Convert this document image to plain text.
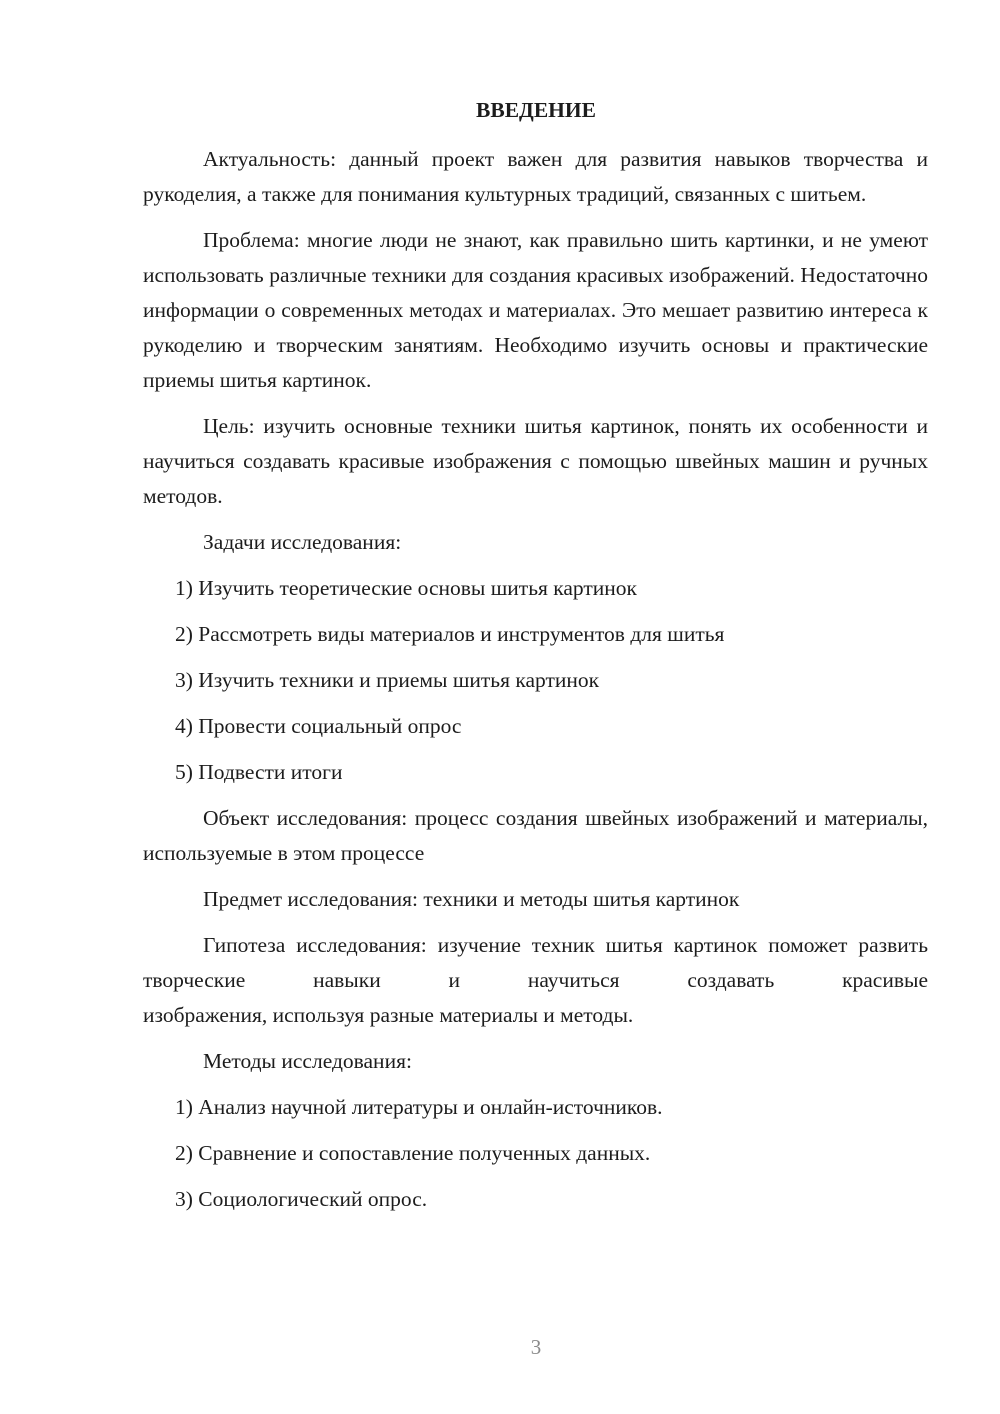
ВВЕДЕНИЕ

Актуальность: данный проект важен для развития навыков творчества и рукоделия, а также для понимания культурных традиций, связанных с шитьем.

Проблема: многие люди не знают, как правильно шить картинки, и не умеют использовать различные техники для создания красивых изображений. Недостаточно информации о современных методах и материалах. Это мешает развитию интереса к рукоделию и творческим занятиям. Необходимо изучить основы и практические приемы шитья картинок.

Цель: изучить основные техники шитья картинок, понять их особенности и научиться создавать красивые изображения с помощью швейных машин и ручных методов.

Задачи исследования:

1) Изучить теоретические основы шитья картинок

2) Рассмотреть виды материалов и инструментов для шитья

3) Изучить техники и приемы шитья картинок

4) Провести социальный опрос

5) Подвести итоги

Объект исследования: процесс создания швейных изображений и материалы, используемые в этом процессе

Предмет исследования: техники и методы шитья картинок

Гипотеза исследования: изучение техник шитья картинок поможет развить творческие навыки и научиться создавать красивые
изображения, используя разные материалы и методы.

Методы исследования:

1) Анализ научной литературы и онлайн-источников.

2) Сравнение и сопоставление полученных данных.

3) Социологический опрос.

3
